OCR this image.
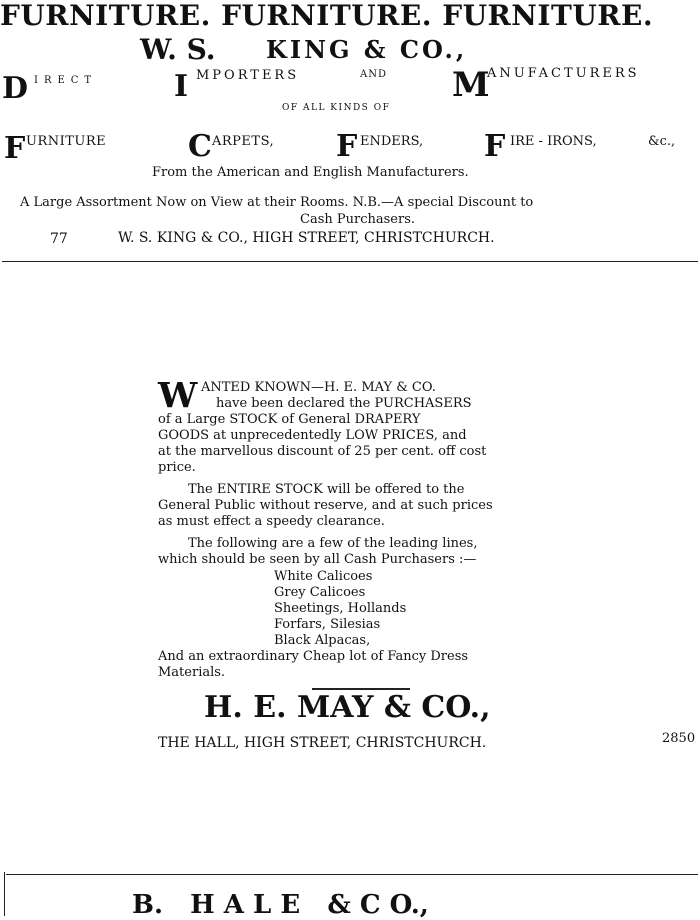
FURNITURE. FURNITURE. FURNITURE.
W. S. KING & CO.,
D IRECT	I MPORTERS	AND M
ANUFACTURERS
OF ALL KINDS OF
F URNITURE	C ARPETS, F ENDERS, F IRE - IRONS,	&c.,
From the American and English Manufacturers.
A Large Assortment Now on View at their Rooms. N.B.—A special Discount to
Cash Purchasers.
77	W. S. KING & CO., HIGH STREET, CHRISTCHURCH.
W ANTED KNOWN—H. E. MAY & CO.
have been declared the PURCHASERS
of a Large STOCK of General DRAPERY
GOODS at unprecedentedly LOW PRICES, and
at the marvellous discount of 25 per cent. off cost
price.
The ENTIRE STOCK will be offered to the
General Public without reserve, and at such prices
as must effect a speedy clearance.
The following are a few of the leading lines,
which should be seen by all Cash Purchasers :—
White Calicoes
Grey Calicoes
Sheetings, Hollands
Forfars, Silesias
Black Alpacas,
And an extraordinary Cheap lot of Fancy Dress
Materials.
H. E. MAY & CO.,
THE HALL, HIGH STREET, CHRISTCHURCH.	2850
B.   H A L E   & C O.,
